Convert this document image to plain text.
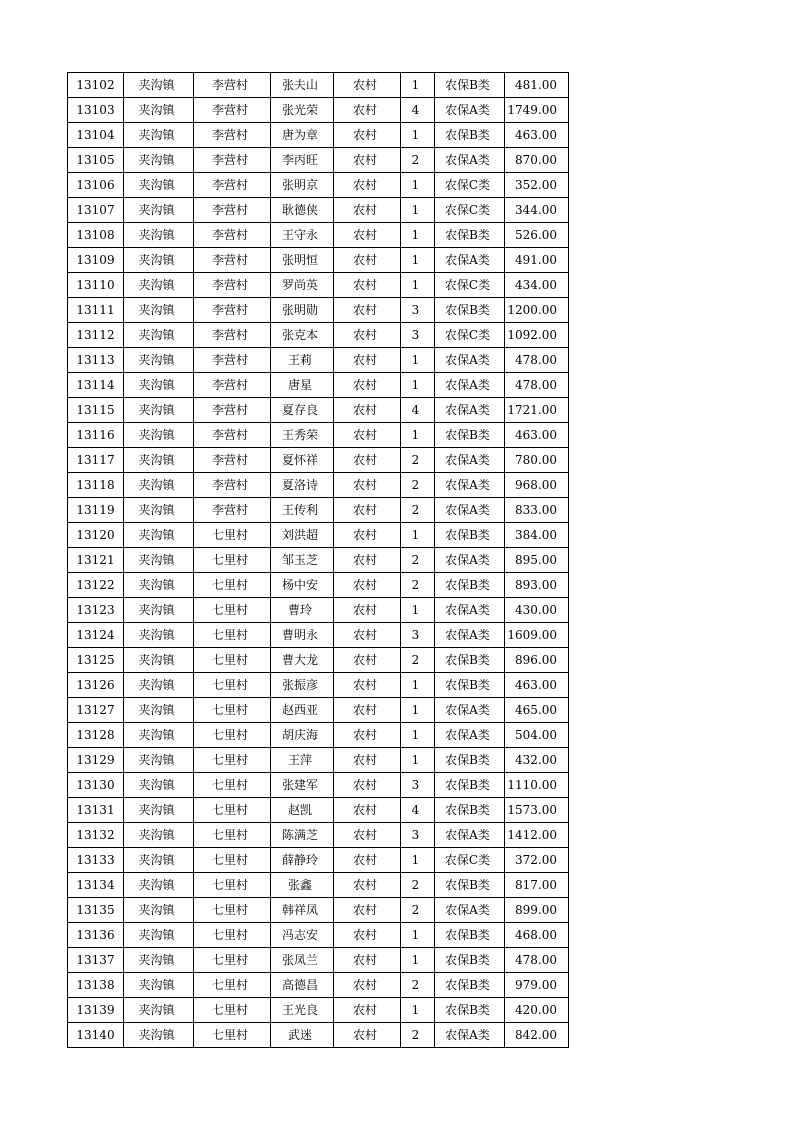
13102	夹沟镇	李营村	张夫山	农村	1	农保B类	481.00
13103	夹沟镇	李营村	张光荣	农村	4	农保A类	1749.00
13104	夹沟镇	李营村	唐为章	农村	1	农保B类	463.00
13105	夹沟镇	李营村	李丙旺	农村	2	农保A类	870.00
13106	夹沟镇	李营村	张明京	农村	1	农保C类	352.00
13107	夹沟镇	李营村	耿德侠	农村	1	农保C类	344.00
13108	夹沟镇	李营村	王守永	农村	1	农保B类	526.00
13109	夹沟镇	李营村	张明恒	农村	1	农保A类	491.00
13110	夹沟镇	李营村	罗尚英	农村	1	农保C类	434.00
13111	夹沟镇	李营村	张明勋	农村	3	农保B类	1200.00
13112	夹沟镇	李营村	张克本	农村	3	农保C类	1092.00
13113	夹沟镇	李营村	王莉	农村	1	农保A类	478.00
13114	夹沟镇	李营村	唐星	农村	1	农保A类	478.00
13115	夹沟镇	李营村	夏存良	农村	4	农保A类	1721.00
13116	夹沟镇	李营村	王秀荣	农村	1	农保B类	463.00
13117	夹沟镇	李营村	夏怀祥	农村	2	农保A类	780.00
13118	夹沟镇	李营村	夏洛诗	农村	2	农保A类	968.00
13119	夹沟镇	李营村	王传利	农村	2	农保A类	833.00
13120	夹沟镇	七里村	刘洪超	农村	1	农保B类	384.00
13121	夹沟镇	七里村	邹玉芝	农村	2	农保A类	895.00
13122	夹沟镇	七里村	杨中安	农村	2	农保B类	893.00
13123	夹沟镇	七里村	曹玲	农村	1	农保A类	430.00
13124	夹沟镇	七里村	曹明永	农村	3	农保A类	1609.00
13125	夹沟镇	七里村	曹大龙	农村	2	农保B类	896.00
13126	夹沟镇	七里村	张振彦	农村	1	农保B类	463.00
13127	夹沟镇	七里村	赵西亚	农村	1	农保A类	465.00
13128	夹沟镇	七里村	胡庆海	农村	1	农保A类	504.00
13129	夹沟镇	七里村	王萍	农村	1	农保B类	432.00
13130	夹沟镇	七里村	张建军	农村	3	农保B类	1110.00
13131	夹沟镇	七里村	赵凯	农村	4	农保B类	1573.00
13132	夹沟镇	七里村	陈满芝	农村	3	农保A类	1412.00
13133	夹沟镇	七里村	薛静玲	农村	1	农保C类	372.00
13134	夹沟镇	七里村	张鑫	农村	2	农保B类	817.00
13135	夹沟镇	七里村	韩祥凤	农村	2	农保A类	899.00
13136	夹沟镇	七里村	冯志安	农村	1	农保B类	468.00
13137	夹沟镇	七里村	张凤兰	农村	1	农保B类	478.00
13138	夹沟镇	七里村	高德昌	农村	2	农保B类	979.00
13139	夹沟镇	七里村	王光良	农村	1	农保B类	420.00
13140	夹沟镇	七里村	武迷	农村	2	农保A类	842.00
